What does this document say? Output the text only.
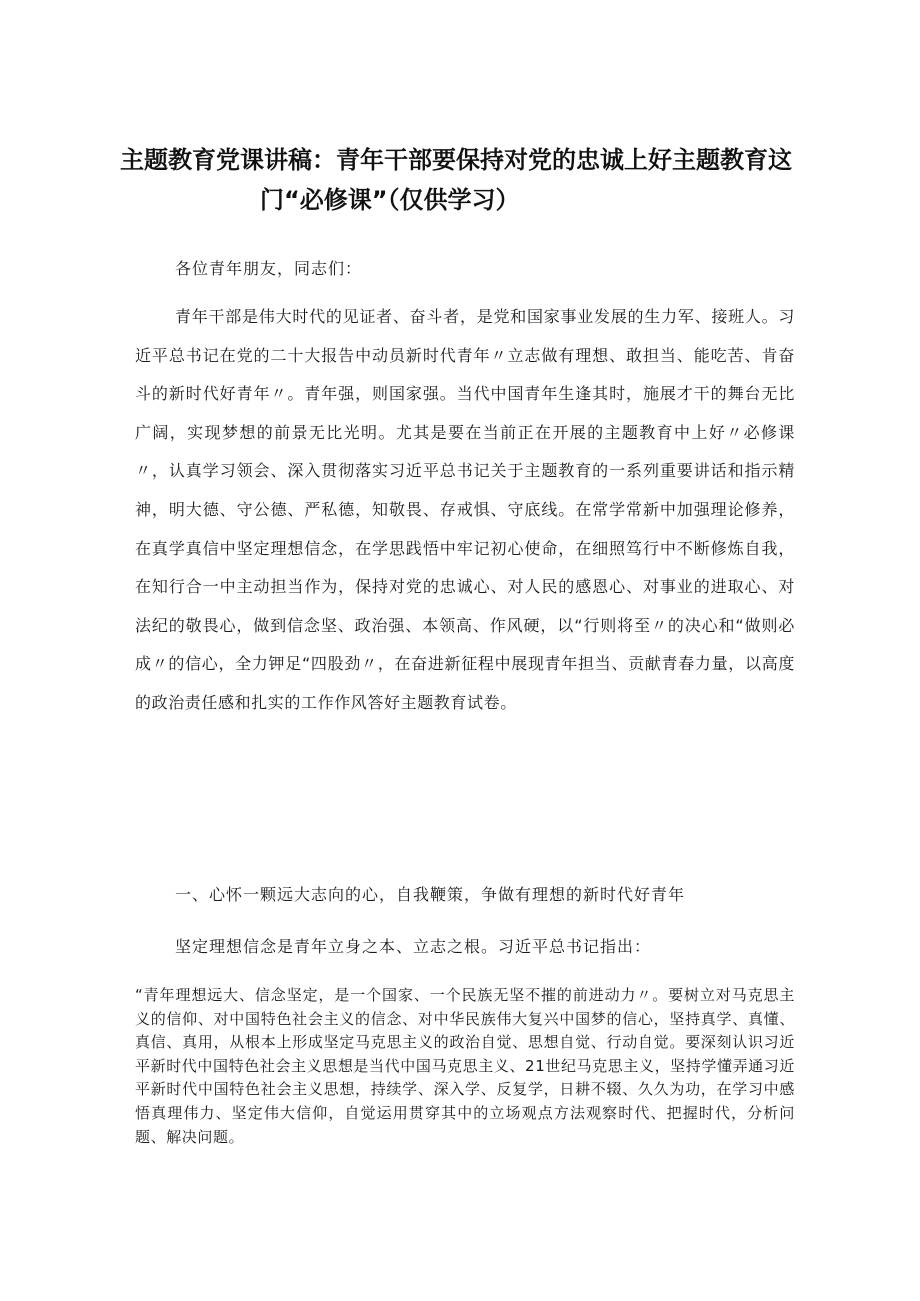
主题教育党课讲稿：青年干部要保持对党的忠诚上好主题教育这
门“必修课”（仅供学习）
各位青年朋友，同志们：

青年干部是伟大时代的见证者、奋斗者，是党和国家事业发展的生力军、接班人。习近平总书记在党的二十大报告中动员新时代青年〃立志做有理想、敢担当、能吃苦、肯奋斗的新时代好青年〃。青年强，则国家强。当代中国青年生逢其时，施展才干的舞台无比广阔，实现梦想的前景无比光明。尤其是要在当前正在开展的主题教育中上好〃必修课〃，认真学习领会、深入贯彻落实习近平总书记关于主题教育的一系列重要讲话和指示精神，明大德、守公德、严私德，知敬畏、存戒惧、守底线。在常学常新中加强理论修养，在真学真信中坚定理想信念，在学思践悟中牢记初心使命，在细照笃行中不断修炼自我，在知行合一中主动担当作为，保持对党的忠诚心、对人民的感恩心、对事业的进取心、对法纪的敬畏心，做到信念坚、政治强、本领高、作风硬，以“行则将至〃的决心和“做则必成〃的信心，全力钾足“四股劲〃，在奋进新征程中展现青年担当、贡献青春力量，以高度的政治责任感和扎实的工作作风答好主题教育试卷。

一、心怀一颗远大志向的心，自我鞭策，争做有理想的新时代好青年

坚定理想信念是青年立身之本、立志之根。习近平总书记指出：

“青年理想远大、信念坚定，是一个国家、一个民族无坚不摧的前进动力〃。要树立对马克思主义的信仰、对中国特色社会主义的信念、对中华民族伟大复兴中国梦的信心，坚持真学、真懂、真信、真用，从根本上形成坚定马克思主义的政治自觉、思想自觉、行动自觉。要深刻认识习近平新时代中国特色社会主义思想是当代中国马克思主义、21世纪马克思主义，坚持学懂弄通习近平新时代中国特色社会主义思想，持续学、深入学、反复学，日耕不辍、久久为功，在学习中感悟真理伟力、坚定伟大信仰，自觉运用贯穿其中的立场观点方法观察时代、把握时代，分析问题、解决问题。
